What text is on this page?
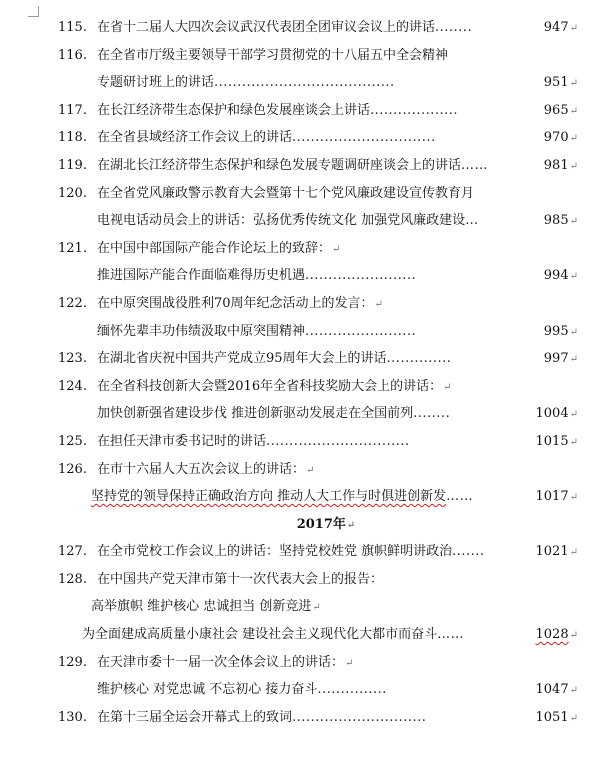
115. 在省十二届人大四次会议武汉代表团全团审议会议上的讲话........	947↵
116. 在全省市厅级主要领导干部学习贯彻党的十八届五中全会精神
专题研讨班上的讲话.......................................	951↵
117. 在长江经济带生态保护和绿色发展座谈会上讲话...................	965↵
118. 在全省县域经济工作会议上的讲话...............................	970↵
119. 在湖北长江经济带生态保护和绿色发展专题调研座谈会上的讲话……	981↵
120. 在全省党风廉政警示教育大会暨第十七个党风廉政建设宣传教育月
电视电话动员会上的讲话：弘扬优秀传统文化 加强党风廉政建设…	985↵
121. 在中国中部国际产能合作论坛上的致辞：↵
推进国际产能合作面临难得历史机遇........................	994↵
122. 在中原突围战役胜利70周年纪念活动上的发言：↵
缅怀先辈丰功伟绩汲取中原突围精神........................	995↵
123. 在湖北省庆祝中国共产党成立95周年大会上的讲话..............	997↵
124. 在全省科技创新大会暨2016年全省科技奖励大会上的讲话：↵
加快创新强省建设步伐 推进创新驱动发展走在全国前列........	1004↵
125. 在担任天津市委书记时的讲话...............................	1015↵
126. 在市十六届人大五次会议上的讲话：↵
坚持党的领导保持正确政治方向 推动人大工作与时俱进创新发……	1017↵
2017年↵
127. 在全市党校工作会议上的讲话：坚持党校姓党 旗帜鲜明讲政治.......	1021↵
128. 在中国共产党天津市第十一次代表大会上的报告：
高举旗帜 维护核心 忠诚担当 创新竞进↵
为全面建成高质量小康社会 建设社会主义现代化大都市而奋斗……	1028↵
129. 在天津市委十一届一次全体会议上的讲话：↵
维护核心 对党忠诚 不忘初心 接力奋斗...............	1047↵
130. 在第十三届全运会开幕式上的致词.............................	1051↵
